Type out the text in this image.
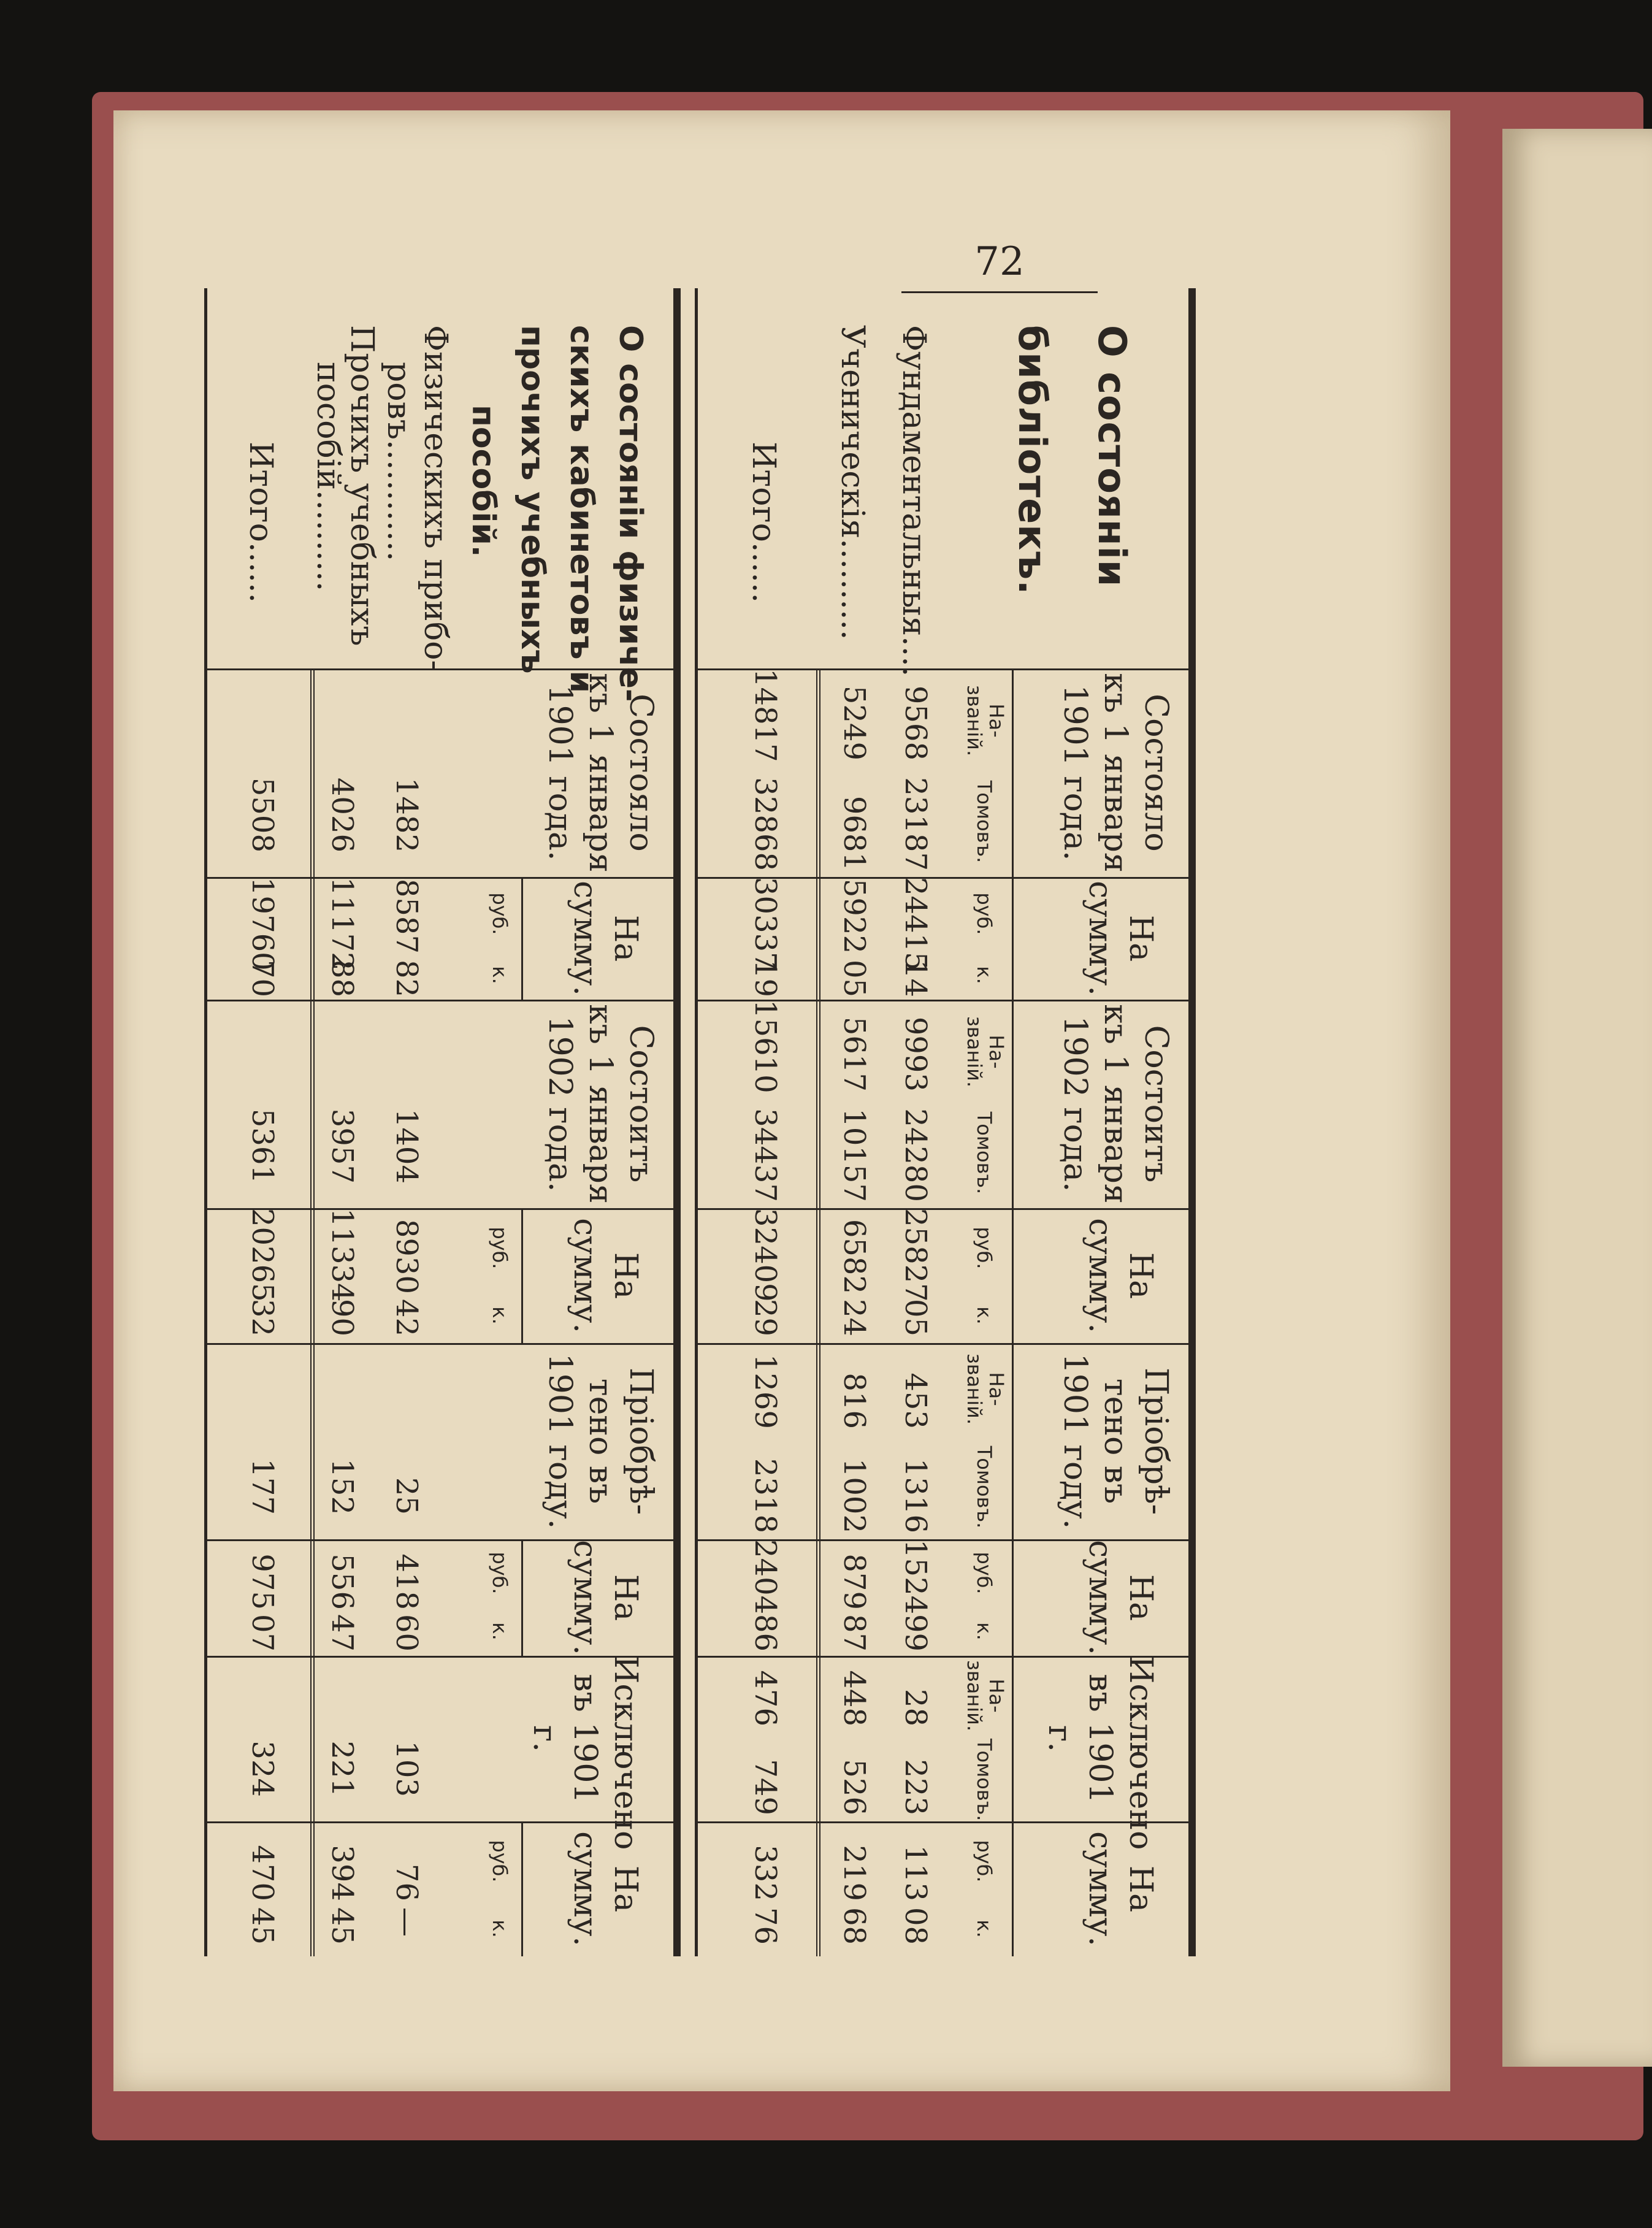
72
О состоянiи
библiотекъ.
Состояло
къ 1 января
1901 года.
На
сумму.
Состоитъ
къ 1 января
1902 года.
На
сумму.
Прiобрѣ-
тено въ
1901 году.
На
сумму.
Исключено
въ 1901 г.
На
сумму.
На-званiй.
Томовъ.
руб.
к.
На-званiй.
Томовъ.
руб.
к.
На-званiй.
Томовъ.
руб.
к.
На-званiй.
Томовъ.
руб.
к.
Фундаментальныя....
9568
23187
24415
14
9993
24280
25827
05
453
1316
1524
99
28
223
113
08
Ученическiя..........
5249
9681
5922
05
5617
10157
6582
24
816
1002
879
87
448
526
219
68
Итого......
14817
32868
30337
19
15610
34437
32409
29
1269
2318
2404
86
476
749
332
76
О состоянiи физиче-
скихъ кабинетовъ и
прочихъ учебныхъ
пособiй.
Состояло
къ 1 января
1901 года.
На
сумму.
Состоитъ
къ 1 января
1902 года.
На
сумму.
Прiобрѣ-
тено въ
1901 году.
На
сумму.
Исключено
въ 1901 г.
На
сумму.
руб.
к.
руб.
к.
руб.
к.
руб.
к.
Физическихъ прибо-
ровъ............
1482
8587
82
1404
8930
42
25
418
60
103
76
—
Прочихъ учебныхъ
пособiй..........
4026
11172
88
3957
11334
90
152
556
47
221
394
45
Итого......
5508
19760
70
5361
20265
32
177
975
07
324
470
45
